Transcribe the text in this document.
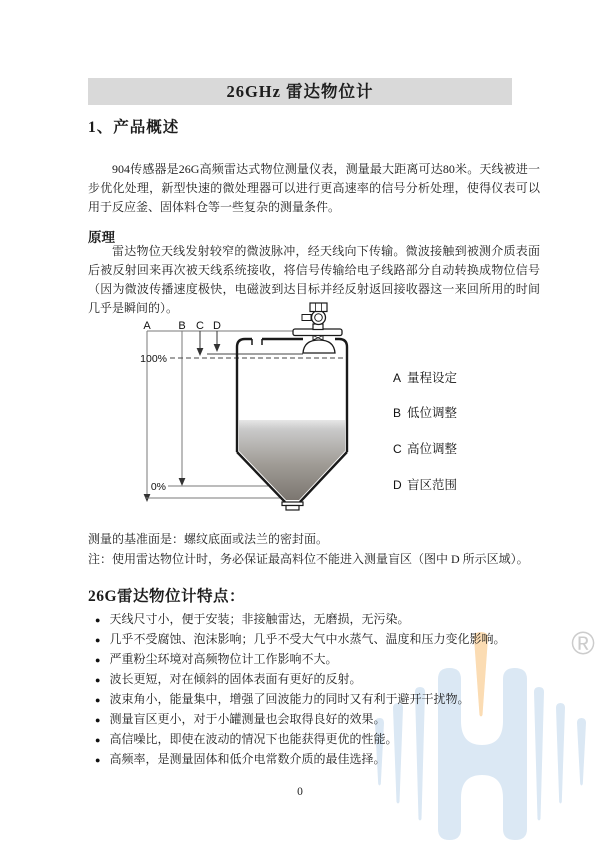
®
26GHz 雷达物位计
1、产品概述

904传感器是26G高频雷达式物位测量仪表，测量最大距离可达80米。天线被进一步优化处理，新型快速的微处理器可以进行更高速率的信号分析处理，使得仪表可以用于反应釜、固体料仓等一些复杂的测量条件。

原理

雷达物位天线发射较窄的微波脉冲，经天线向下传输。微波接触到被测介质表面后被反射回来再次被天线系统接收，将信号传输给电子线路部分自动转换成物位信号（因为微波传播速度极快，电磁波到达目标并经反射返回接收器这一来回所用的时间几乎是瞬间的）。

A	B C D
100%
0%
A 量程设定
B 低位调整
C 高位调整
D 盲区范围

测量的基准面是：螺纹底面或法兰的密封面。

注：使用雷达物位计时，务必保证最高料位不能进入测量盲区（图中 D 所示区域）。

26G雷达物位计特点：
● 天线尺寸小，便于安装；非接触雷达，无磨损，无污染。
● 几乎不受腐蚀、泡沫影响；几乎不受大气中水蒸气、温度和压力变化影响。
● 严重粉尘环境对高频物位计工作影响不大。
● 波长更短，对在倾斜的固体表面有更好的反射。
● 波束角小，能量集中，增强了回波能力的同时又有利于避开干扰物。
● 测量盲区更小，对于小罐测量也会取得良好的效果。
● 高信噪比，即使在波动的情况下也能获得更优的性能。
● 高频率，是测量固体和低介电常数介质的最佳选择。
0
